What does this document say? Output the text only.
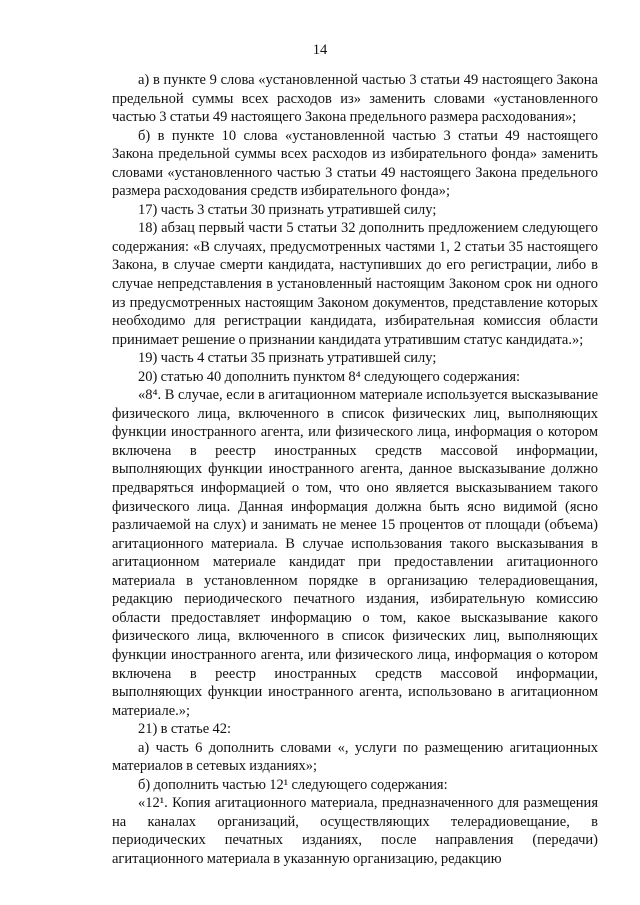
14

а) в пункте 9 слова «установленной частью 3 статьи 49 настоящего Закона предельной суммы всех расходов из» заменить словами «установленного частью 3 статьи 49 настоящего Закона предельного размера расходования»;

б) в пункте 10 слова «установленной частью 3 статьи 49 настоящего Закона предельной суммы всех расходов из избирательного фонда» заменить словами «установленного частью 3 статьи 49 настоящего Закона предельного размера расходования средств избирательного фонда»;

17) часть 3 статьи 30 признать утратившей силу;

18) абзац первый части 5 статьи 32 дополнить предложением следующего содержания: «В случаях, предусмотренных частями 1, 2 статьи 35 настоящего Закона, в случае смерти кандидата, наступивших до его регистрации, либо в случае непредставления в установленный настоящим Законом срок ни одного из предусмотренных настоящим Законом документов, представление которых необходимо для регистрации кандидата, избирательная комиссия области принимает решение о признании кандидата утратившим статус кандидата.»;

19) часть 4 статьи 35 признать утратившей силу;

20) статью 40 дополнить пунктом 8⁴ следующего содержания:

«8⁴. В случае, если в агитационном материале используется высказывание физического лица, включенного в список физических лиц, выполняющих функции иностранного агента, или физического лица, информация о котором включена в реестр иностранных средств массовой информации, выполняющих функции иностранного агента, данное высказывание должно предваряться информацией о том, что оно является высказыванием такого физического лица. Данная информация должна быть ясно видимой (ясно различаемой на слух) и занимать не менее 15 процентов от площади (объема) агитационного материала. В случае использования такого высказывания в агитационном материале кандидат при предоставлении агитационного материала в установленном порядке в организацию телерадиовещания, редакцию периодического печатного издания, избирательную комиссию области предоставляет информацию о том, какое высказывание какого физического лица, включенного в список физических лиц, выполняющих функции иностранного агента, или физического лица, информация о котором включена в реестр иностранных средств массовой информации, выполняющих функции иностранного агента, использовано в агитационном материале.»;

21) в статье 42:

а) часть 6 дополнить словами «, услуги по размещению агитационных материалов в сетевых изданиях»;

б) дополнить частью 12¹ следующего содержания:

«12¹. Копия агитационного материала, предназначенного для размещения на каналах организаций, осуществляющих телерадиовещание, в периодических печатных изданиях, после направления (передачи) агитационного материала в указанную организацию, редакцию
